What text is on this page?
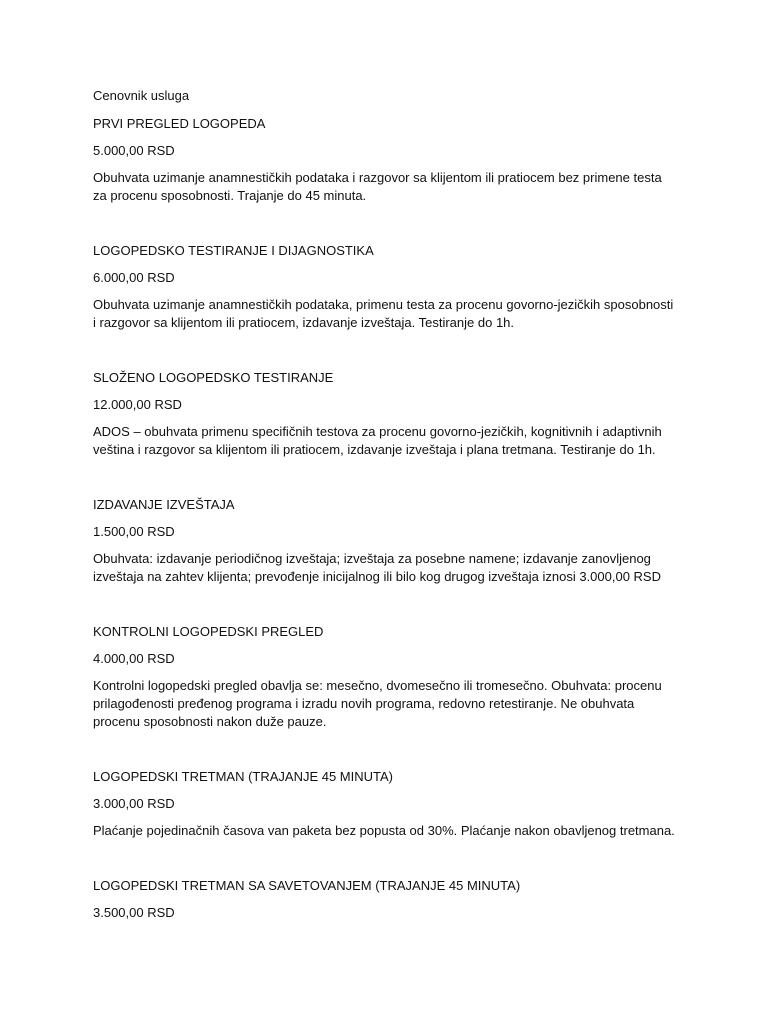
Cenovnik usluga

PRVI PREGLED LOGOPEDA

5.000,00 RSD

Obuhvata uzimanje anamnestičkih podataka i razgovor sa klijentom ili pratiocem bez primene testa za procenu sposobnosti. Trajanje do 45 minuta.

LOGOPEDSKO TESTIRANJE I DIJAGNOSTIKA

6.000,00 RSD

Obuhvata uzimanje anamnestičkih podataka, primenu testa za procenu govorno-jezičkih sposobnosti i razgovor sa klijentom ili pratiocem, izdavanje izveštaja. Testiranje do 1h.

SLOŽENO LOGOPEDSKO TESTIRANJE

12.000,00 RSD

ADOS – obuhvata primenu specifičnih testova za procenu govorno-jezičkih, kognitivnih i adaptivnih veština i razgovor sa klijentom ili pratiocem, izdavanje izveštaja i plana tretmana. Testiranje do 1h.

IZDAVANJE IZVEŠTAJA

1.500,00 RSD

Obuhvata: izdavanje periodičnog izveštaja; izveštaja za posebne namene; izdavanje zanovljenog izveštaja na zahtev klijenta; prevođenje inicijalnog ili bilo kog drugog izveštaja iznosi 3.000,00 RSD

KONTROLNI LOGOPEDSKI PREGLED

4.000,00 RSD

Kontrolni logopedski pregled obavlja se: mesečno, dvomesečno ili tromesečno. Obuhvata: procenu prilagođenosti pređenog programa i izradu novih programa, redovno retestiranje. Ne obuhvata procenu sposobnosti nakon duže pauze.

LOGOPEDSKI TRETMAN (TRAJANJE 45 MINUTA)

3.000,00 RSD

Plaćanje pojedinačnih časova van paketa bez popusta od 30%. Plaćanje nakon obavljenog tretmana.

LOGOPEDSKI TRETMAN SA SAVETOVANJEM (TRAJANJE 45 MINUTA)

3.500,00 RSD
